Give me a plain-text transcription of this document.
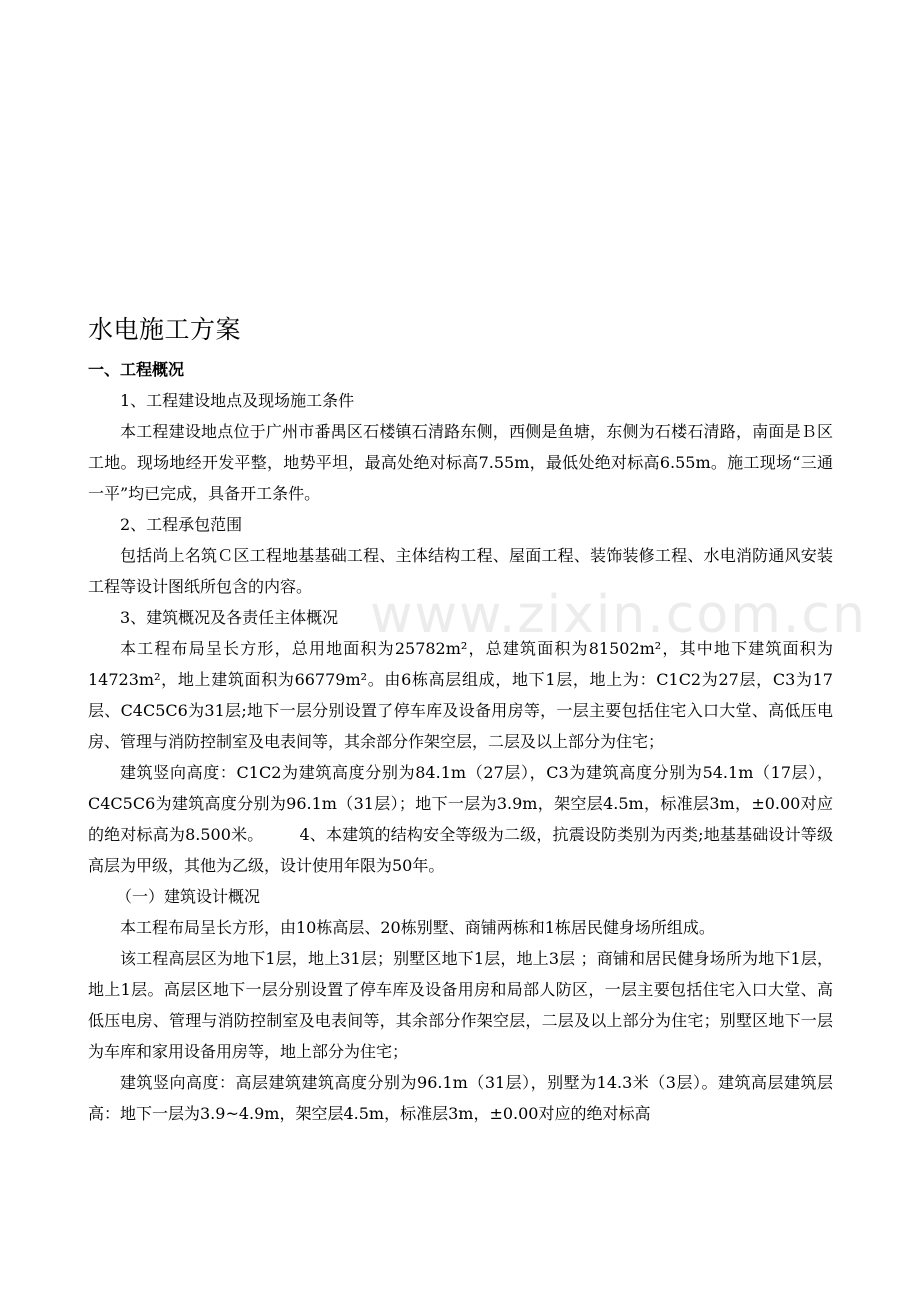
www.zixin.com.cn
水电施工方案

一、工程概况

1、工程建设地点及现场施工条件

本工程建设地点位于广州市番禺区石楼镇石清路东侧，西侧是鱼塘，东侧为石楼石清路，南面是Ｂ区工地。现场地经开发平整，地势平坦，最高处绝对标高7.55m，最低处绝对标高6.55m。施工现场“三通一平”均已完成，具备开工条件。

2、工程承包范围

包括尚上名筑Ｃ区工程地基基础工程、主体结构工程、屋面工程、装饰装修工程、水电消防通风安装工程等设计图纸所包含的内容。

3、建筑概况及各责任主体概况

本工程布局呈长方形，总用地面积为25782m²，总建筑面积为81502m²，其中地下建筑面积为14723m²，地上建筑面积为66779m²。由6栋高层组成，地下1层，地上为：C1C2为27层，C3为17层、C4C5C6为31层;地下一层分别设置了停车库及设备用房等，一层主要包括住宅入口大堂、高低压电房、管理与消防控制室及电表间等，其余部分作架空层，二层及以上部分为住宅；

建筑竖向高度：C1C2为建筑高度分别为84.1m（27层），C3为建筑高度分别为54.1m（17层），C4C5C6为建筑高度分别为96.1m（31层）；地下一层为3.9m，架空层4.5m，标准层3m，±0.00对应的绝对标高为8.500米。 4、本建筑的结构安全等级为二级，抗震设防类别为丙类;地基基础设计等级高层为甲级，其他为乙级，设计使用年限为50年。

（一）建筑设计概况

本工程布局呈长方形，由10栋高层、20栋别墅、商铺两栋和1栋居民健身场所组成。

该工程高层区为地下1层，地上31层；别墅区地下1层，地上3层 ；商铺和居民健身场所为地下1层，地上1层。高层区地下一层分别设置了停车库及设备用房和局部人防区，一层主要包括住宅入口大堂、高低压电房、管理与消防控制室及电表间等，其余部分作架空层，二层及以上部分为住宅；别墅区地下一层为车库和家用设备用房等，地上部分为住宅；

建筑竖向高度：高层建筑建筑高度分别为96.1m（31层），别墅为14.3米（3层）。建筑高层建筑层高：地下一层为3.9~4.9m，架空层4.5m，标准层3m，±0.00对应的绝对标高
